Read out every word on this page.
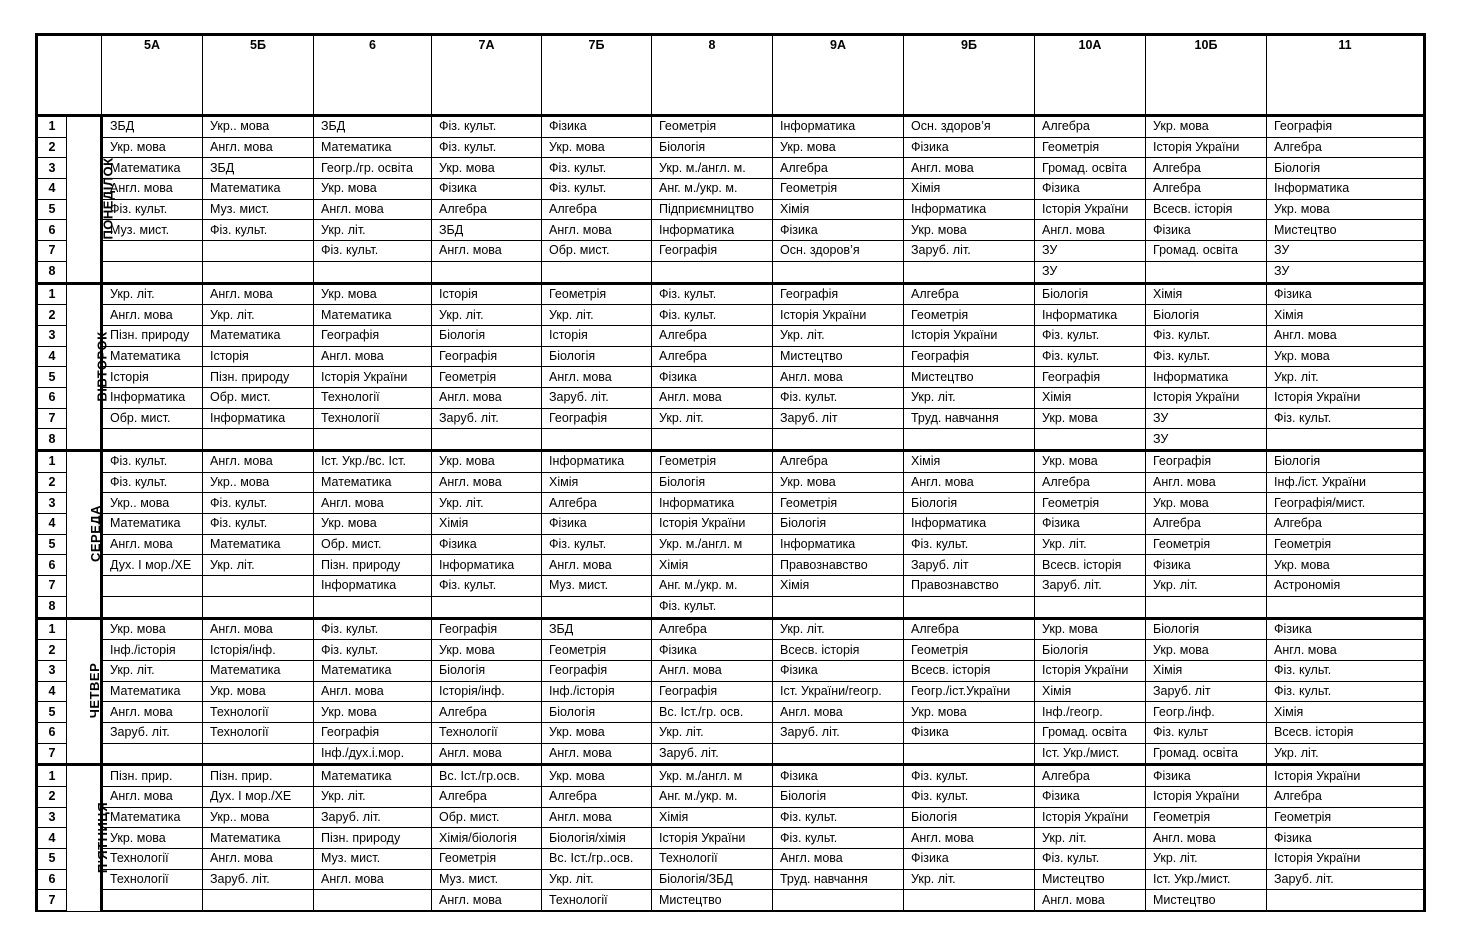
		5А	5Б	6	7А	7Б	8	9А	9Б	10А	10Б	11
1	ПОНЕДІЛОК	ЗБД	Укр.. мова	ЗБД	Фіз. культ.	Фізика	Геометрія	Інформатика	Осн. здоров’я	Алгебра	Укр. мова	Географія
2		Укр. мова	Англ. мова	Математика	Фіз. культ.	Укр. мова	Біологія	Укр. мова	Фізика	Геометрія	Історія України	Алгебра
3		Математика	ЗБД	Геогр./гр. освіта	Укр. мова	Фіз. культ.	Укр. м./англ. м.	Алгебра	Англ. мова	Громад. освіта	Алгебра	Біологія
4		Англ. мова	Математика	Укр. мова	Фізика	Фіз. культ.	Анг. м./укр. м.	Геометрія	Хімія	Фізика	Алгебра	Інформатика
5		Фіз. культ.	Муз. мист.	Англ. мова	Алгебра	Алгебра	Підприємництво	Хімія	Інформатика	Історія України	Всесв. історія	Укр. мова
6		Муз. мист.	Фіз. культ.	Укр. літ.	ЗБД	Англ. мова	Інформатика	Фізика	Укр. мова	Англ. мова	Фізика	Мистецтво
7				Фіз. культ.	Англ. мова	Обр. мист.	Географія	Осн. здоров’я	Заруб. літ.	ЗУ	Громад. освіта	ЗУ
8										ЗУ		ЗУ
1	ВІВТОРОК	Укр. літ.	Англ. мова	Укр. мова	Історія	Геометрія	Фіз. культ.	Географія	Алгебра	Біологія	Хімія	Фізика
2		Англ. мова	Укр. літ.	Математика	Укр. літ.	Укр. літ.	Фіз. культ.	Історія України	Геометрія	Інформатика	Біологія	Хімія
3		Пізн. природу	Математика	Географія	Біологія	Історія	Алгебра	Укр. літ.	Історія України	Фіз. культ.	Фіз. культ.	Англ. мова
4		Математика	Історія	Англ. мова	Географія	Біологія	Алгебра	Мистецтво	Географія	Фіз. культ.	Фіз. культ.	Укр. мова
5		Історія	Пізн. природу	Історія України	Геометрія	Англ. мова	Фізика	Англ. мова	Мистецтво	Географія	Інформатика	Укр. літ.
6		Інформатика	Обр. мист.	Технології	Англ. мова	Заруб. літ.	Англ. мова	Фіз. культ.	Укр. літ.	Хімія	Історія України	Історія України
7		Обр. мист.	Інформатика	Технології	Заруб. літ.	Географія	Укр. літ.	Заруб. літ	Труд. навчання	Укр. мова	ЗУ	Фіз. культ.
8											ЗУ	
1	СЕРЕДА	Фіз. культ.	Англ. мова	Іст. Укр./вс. Іст.	Укр. мова	Інформатика	Геометрія	Алгебра	Хімія	Укр. мова	Географія	Біологія
2		Фіз. культ.	Укр.. мова	Математика	Англ. мова	Хімія	Біологія	Укр. мова	Англ. мова	Алгебра	Англ. мова	Інф./іст. України
3		Укр.. мова	Фіз. культ.	Англ. мова	Укр. літ.	Алгебра	Інформатика	Геометрія	Біологія	Геометрія	Укр. мова	Географія/мист.
4		Математика	Фіз. культ.	Укр. мова	Хімія	Фізика	Історія України	Біологія	Інформатика	Фізика	Алгебра	Алгебра
5		Англ. мова	Математика	Обр. мист.	Фізика	Фіз. культ.	Укр. м./англ. м	Інформатика	Фіз. культ.	Укр. літ.	Геометрія	Геометрія
6		Дух. І мор./ХЕ	Укр. літ.	Пізн. природу	Інформатика	Англ. мова	Хімія	Правознавство	Заруб. літ	Всесв. історія	Фізика	Укр. мова
7				Інформатика	Фіз. культ.	Муз. мист.	Анг. м./укр. м.	Хімія	Правознавство	Заруб. літ.	Укр. літ.	Астрономія
8							Фіз. культ.					
1	ЧЕТВЕР	Укр. мова	Англ. мова	Фіз. культ.	Географія	ЗБД	Алгебра	Укр. літ.	Алгебра	Укр. мова	Біологія	Фізика
2		Інф./історія	Історія/інф.	Фіз. культ.	Укр. мова	Геометрія	Фізика	Всесв. історія	Геометрія	Біологія	Укр. мова	Англ. мова
3		Укр. літ.	Математика	Математика	Біологія	Географія	Англ. мова	Фізика	Всесв. історія	Історія України	Хімія	Фіз. культ.
4		Математика	Укр. мова	Англ. мова	Історія/інф.	Інф./історія	Географія	Іст. України/геогр.	Геогр./іст.України	Хімія	Заруб. літ	Фіз. культ.
5		Англ. мова	Технології	Укр. мова	Алгебра	Біологія	Вс. Іст./гр. осв.	Англ. мова	Укр. мова	Інф./геогр.	Геогр./інф.	Хімія
6		Заруб. літ.	Технології	Географія	Технології	Укр. мова	Укр. літ.	Заруб. літ.	Фізика	Громад. освіта	Фіз. культ	Всесв. історія
7				Інф./дух.і.мор.	Англ. мова	Англ. мова	Заруб. літ.			Іст. Укр./мист.	Громад. освіта	Укр. літ.
1	П'ЯТНИЦЯ	Пізн. прир.	Пізн. прир.	Математика	Вс. Іст./гр.осв.	Укр. мова	Укр. м./англ. м	Фізика	Фіз. культ.	Алгебра	Фізика	Історія України
2		Англ. мова	Дух. І мор./ХЕ	Укр. літ.	Алгебра	Алгебра	Анг. м./укр. м.	Біологія	Фіз. культ.	Фізика	Історія України	Алгебра
3		Математика	Укр.. мова	Заруб. літ.	Обр. мист.	Англ. мова	Хімія	Фіз. культ.	Біологія	Історія України	Геометрія	Геометрія
4		Укр. мова	Математика	Пізн. природу	Хімія/біологія	Біологія/хімія	Історія України	Фіз. культ.	Англ. мова	Укр. літ.	Англ. мова	Фізика
5		Технології	Англ. мова	Муз. мист.	Геометрія	Вс. Іст./гр..осв.	Технології	Англ. мова	Фізика	Фіз. культ.	Укр. літ.	Історія України
6		Технології	Заруб. літ.	Англ. мова	Муз. мист.	Укр. літ.	Біологія/ЗБД	Труд. навчання	Укр. літ.	Мистецтво	Іст. Укр./мист.	Заруб. літ.
7					Англ. мова	Технології	Мистецтво			Англ. мова	Мистецтво	
